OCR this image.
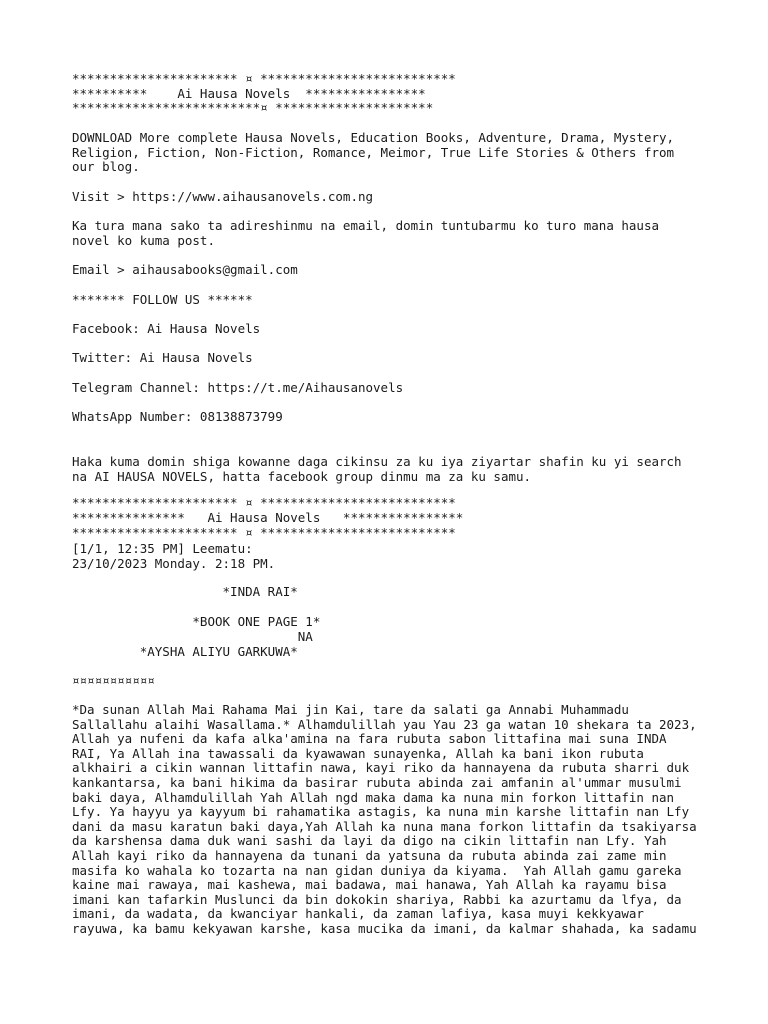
********************** ¤ **************************
**********    Ai Hausa Novels  ****************
*************************¤ *********************
DOWNLOAD More complete Hausa Novels, Education Books, Adventure, Drama, Mystery,
Religion, Fiction, Non-Fiction, Romance, Meimor, True Life Stories & Others from
our blog.
Visit > https://www.aihausanovels.com.ng
Ka tura mana sako ta adireshinmu na email, domin tuntubarmu ko turo mana hausa
novel ko kuma post.
Email > aihausabooks@gmail.com
******* FOLLOW US ******
Facebook: Ai Hausa Novels
Twitter: Ai Hausa Novels
Telegram Channel: https://t.me/Aihausanovels
WhatsApp Number: 08138873799
Haka kuma domin shiga kowanne daga cikinsu za ku iya ziyartar shafin ku yi search
na AI HAUSA NOVELS, hatta facebook group dinmu ma za ku samu.
********************** ¤ **************************
***************   Ai Hausa Novels   ****************
********************** ¤ **************************
[1/1, 12:35 PM] Leematu:
23/10/2023 Monday. 2:18 PM.
*INDA RAI*
*BOOK ONE PAGE 1*
NA
*AYSHA ALIYU GARKUWA*
¤¤¤¤¤¤¤¤¤¤¤
*Da sunan Allah Mai Rahama Mai jin Kai, tare da salati ga Annabi Muhammadu
Sallallahu alaihi Wasallama.* Alhamdulillah yau Yau 23 ga watan 10 shekara ta 2023,
Allah ya nufeni da kafa alka'amina na fara rubuta sabon littafina mai suna INDA
RAI, Ya Allah ina tawassali da kyawawan sunayenka, Allah ka bani ikon rubuta
alkhairi a cikin wannan littafin nawa, kayi riko da hannayena da rubuta sharri duk
kankantarsa, ka bani hikima da basirar rubuta abinda zai amfanin al'ummar musulmi
baki daya, Alhamdulillah Yah Allah ngd maka dama ka nuna min forkon littafin nan
Lfy. Ya hayyu ya kayyum bi rahamatika astagis, ka nuna min karshe littafin nan Lfy
dani da masu karatun baki daya,Yah Allah ka nuna mana forkon littafin da tsakiyarsa
da karshensa dama duk wani sashi da layi da digo na cikin littafin nan Lfy. Yah
Allah kayi riko da hannayena da tunani da yatsuna da rubuta abinda zai zame min
masifa ko wahala ko tozarta na nan gidan duniya da kiyama.  Yah Allah gamu gareka
kaine mai rawaya, mai kashewa, mai badawa, mai hanawa, Yah Allah ka rayamu bisa
imani kan tafarkin Muslunci da bin dokokin shariya, Rabbi ka azurtamu da lfya, da
imani, da wadata, da kwanciyar hankali, da zaman lafiya, kasa muyi kekkyawar
rayuwa, ka bamu kekyawan karshe, kasa mucika da imani, da kalmar shahada, ka sadamu
